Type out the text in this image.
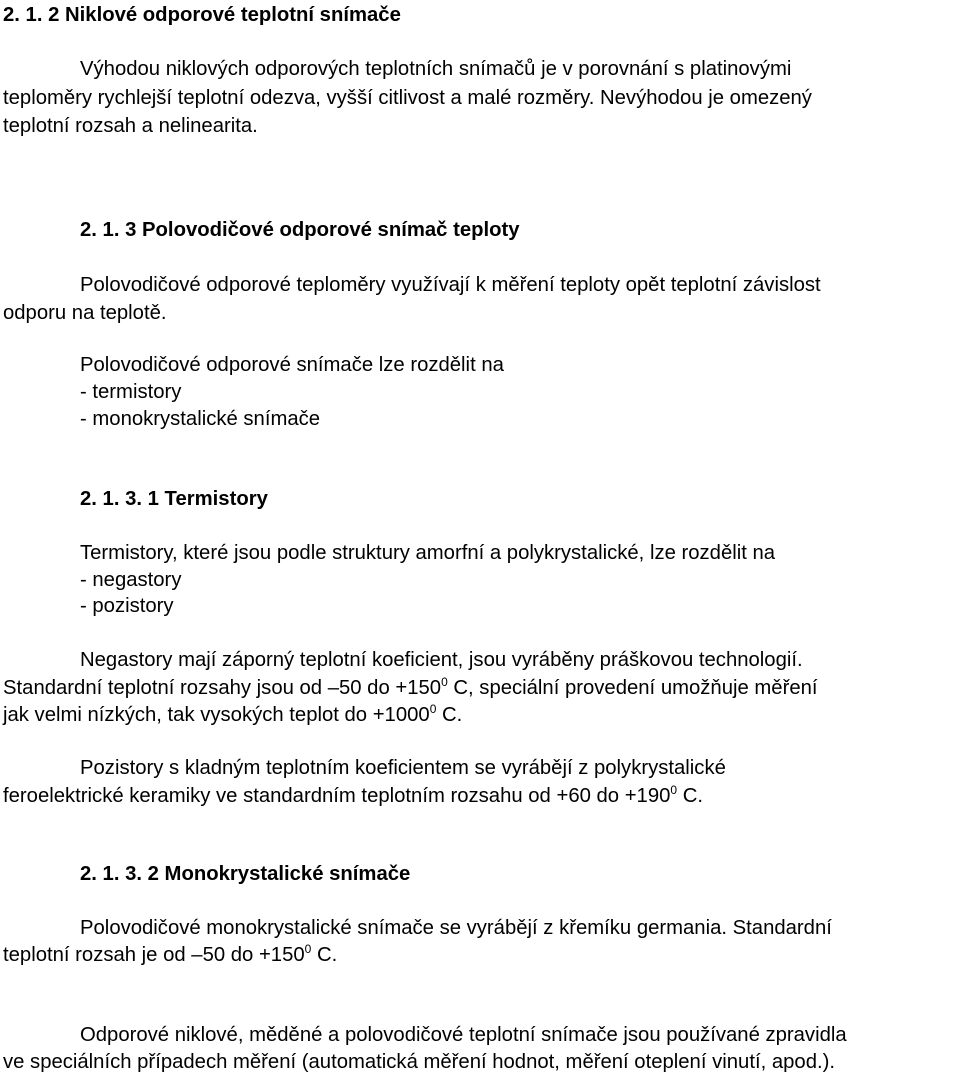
2. 1. 2 Niklové odporové teplotní snímače

Výhodou niklových odporových teplotních snímačů je v porovnání s platinovými

teploměry rychlejší teplotní odezva, vyšší citlivost a malé rozměry. Nevýhodou je omezený

teplotní rozsah a nelinearita.

2. 1. 3 Polovodičové odporové snímač teploty

Polovodičové odporové teploměry využívají k měření teploty opět teplotní závislost

odporu na teplotě.

Polovodičové odporové snímače lze rozdělit na

- termistory

- monokrystalické snímače

2. 1. 3. 1 Termistory

Termistory, které jsou podle struktury amorfní a polykrystalické, lze rozdělit na

- negastory

- pozistory

Negastory mají záporný teplotní koeficient, jsou vyráběny práškovou technologií.

Standardní teplotní rozsahy jsou od –50 do $+150^0$ C, speciální provedení umožňuje měření

jak velmi nízkých, tak vysokých teplot do $+1000^0$ C.

Pozistory s kladným teplotním koeficientem se vyrábějí z polykrystalické

feroelektrické keramiky ve standardním teplotním rozsahu od +60 do $+190^0$ C.

2. 1. 3. 2 Monokrystalické snímače

Polovodičové monokrystalické snímače se vyrábějí z křemíku germania. Standardní

teplotní rozsah je od –50 do $+150^0$ C.

Odporové niklové, měděné a polovodičové teplotní snímače jsou používané zpravidla

ve speciálních případech měření (automatická měření hodnot, měření oteplení vinutí, apod.).
